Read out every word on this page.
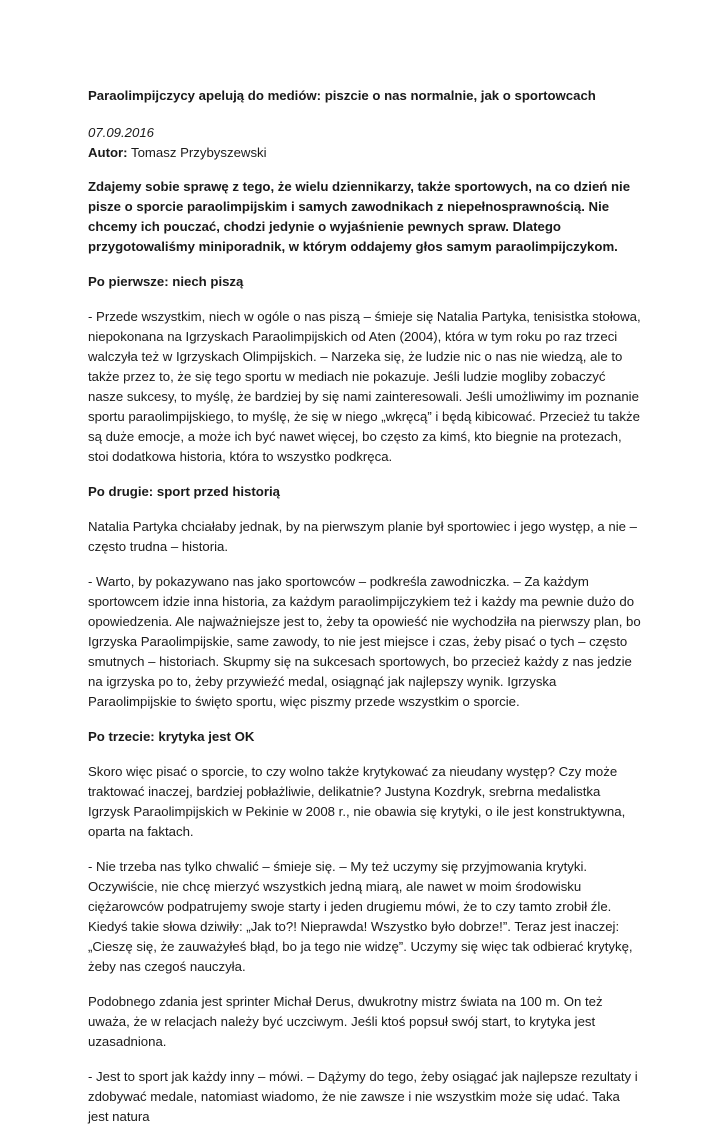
Paraolimpijczycy apelują do mediów: piszcie o nas normalnie, jak o sportowcach

07.09.2016

Autor: Tomasz Przybyszewski

Zdajemy sobie sprawę z tego, że wielu dziennikarzy, także sportowych, na co dzień nie pisze o sporcie paraolimpijskim i samych zawodnikach z niepełnosprawnością. Nie chcemy ich pouczać, chodzi jedynie o wyjaśnienie pewnych spraw. Dlatego przygotowaliśmy miniporadnik, w którym oddajemy głos samym paraolimpijczykom.

Po pierwsze: niech piszą

- Przede wszystkim, niech w ogóle o nas piszą – śmieje się Natalia Partyka, tenisistka stołowa, niepokonana na Igrzyskach Paraolimpijskich od Aten (2004), która w tym roku po raz trzeci walczyła też w Igrzyskach Olimpijskich. – Narzeka się, że ludzie nic o nas nie wiedzą, ale to także przez to, że się tego sportu w mediach nie pokazuje. Jeśli ludzie mogliby zobaczyć nasze sukcesy, to myślę, że bardziej by się nami zainteresowali. Jeśli umożliwimy im poznanie sportu paraolimpijskiego, to myślę, że się w niego „wkręcą” i będą kibicować. Przecież tu także są duże emocje, a może ich być nawet więcej, bo często za kimś, kto biegnie na protezach, stoi dodatkowa historia, która to wszystko podkręca.

Po drugie: sport przed historią

Natalia Partyka chciałaby jednak, by na pierwszym planie był sportowiec i jego występ, a nie – często trudna – historia.

- Warto, by pokazywano nas jako sportowców – podkreśla zawodniczka. – Za każdym sportowcem idzie inna historia, za każdym paraolimpijczykiem też i każdy ma pewnie dużo do opowiedzenia. Ale najważniejsze jest to, żeby ta opowieść nie wychodziła na pierwszy plan, bo Igrzyska Paraolimpijskie, same zawody, to nie jest miejsce i czas, żeby pisać o tych – często smutnych – historiach. Skupmy się na sukcesach sportowych, bo przecież każdy z nas jedzie na igrzyska po to, żeby przywieźć medal, osiągnąć jak najlepszy wynik. Igrzyska Paraolimpijskie to święto sportu, więc piszmy przede wszystkim o sporcie.

Po trzecie: krytyka jest OK

Skoro więc pisać o sporcie, to czy wolno także krytykować za nieudany występ? Czy może traktować inaczej, bardziej pobłażliwie, delikatnie? Justyna Kozdryk, srebrna medalistka Igrzysk Paraolimpijskich w Pekinie w 2008 r., nie obawia się krytyki, o ile jest konstruktywna, oparta na faktach.

- Nie trzeba nas tylko chwalić – śmieje się. – My też uczymy się przyjmowania krytyki. Oczywiście, nie chcę mierzyć wszystkich jedną miarą, ale nawet w moim środowisku ciężarowców podpatrujemy swoje starty i jeden drugiemu mówi, że to czy tamto zrobił źle. Kiedyś takie słowa dziwiły: „Jak to?! Nieprawda! Wszystko było dobrze!”. Teraz jest inaczej: „Cieszę się, że zauważyłeś błąd, bo ja tego nie widzę”. Uczymy się więc tak odbierać krytykę, żeby nas czegoś nauczyła.

Podobnego zdania jest sprinter Michał Derus, dwukrotny mistrz świata na 100 m. On też uważa, że w relacjach należy być uczciwym. Jeśli ktoś popsuł swój start, to krytyka jest uzasadniona.

- Jest to sport jak każdy inny – mówi. – Dążymy do tego, żeby osiągać jak najlepsze rezultaty i zdobywać medale, natomiast wiadomo, że nie zawsze i nie wszystkim może się udać. Taka jest natura
